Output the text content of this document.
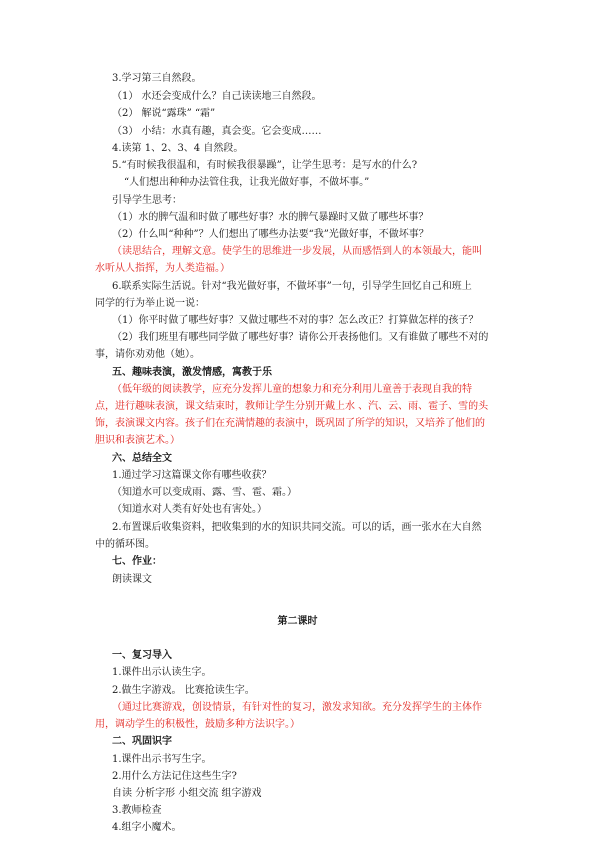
3.学习第三自然段。
（1） 水还会变成什么？自己读读地三自然段。
（2） 解说“露珠” “霜”
（3） 小结：水真有趣，真会变。它会变成……
4.读第 1、2、3、4 自然段。
5.“有时候我很温和，有时候我很暴躁”，让学生思考：是写水的什么?
“人们想出种种办法管住我，让我光做好事，不做坏事。”
引导学生思考：
（1）水的脾气温和时做了哪些好事？水的脾气暴躁时又做了哪些坏事？
（2）什么叫“种种”？人们想出了哪些办法要“我”光做好事，不做坏事？
（读思结合，理解文意。使学生的思维进一步发展，从而感悟到人的本领最大，能叫
水听从人指挥，为人类造福。）
6.联系实际生活说。针对“我光做好事，不做坏事”一句，引导学生回忆自己和班上
同学的行为举止说一说：
（1）你平时做了哪些好事？又做过哪些不对的事？怎么改正？打算做怎样的孩子？
（2）我们班里有哪些同学做了哪些好事？请你公开表扬他们。又有谁做了哪些不对的
事，请你劝劝他（她）。
五、趣味表演，激发情感，寓教于乐
（低年级的阅读教学，应充分发挥儿童的想象力和充分利用儿童善于表现自我的特
点，进行趣味表演，课文结束时，教师让学生分别开戴上水 、汽、云、雨、雹子、雪的头
饰，表演课文内容。孩子们在充满情趣的表演中，既巩固了所学的知识，又培养了他们的
胆识和表演艺术。）
六、总结全文
1.通过学习这篇课文你有哪些收获？
（知道水可以变成雨、露、雪、雹、霜。）
（知道水对人类有好处也有害处。）
2.布置课后收集资料，把收集到的水的知识共同交流。可以的话，画一张水在大自然
中的循环图。
七、作业：
朗读课文
第二课时
一、复习导入
1.课件出示认读生字。
2.做生字游戏。 比赛抢读生字。
（通过比赛游戏，创设情景，有针对性的复习，激发求知欲。充分发挥学生的主体作
用，调动学生的积极性，鼓励多种方法识字。）
二、巩固识字
1.课件出示书写生字。
2.用什么方法记住这些生字?
自读 分析字形 小组交流 组字游戏
3.教师检查
4.组字小魔术。
